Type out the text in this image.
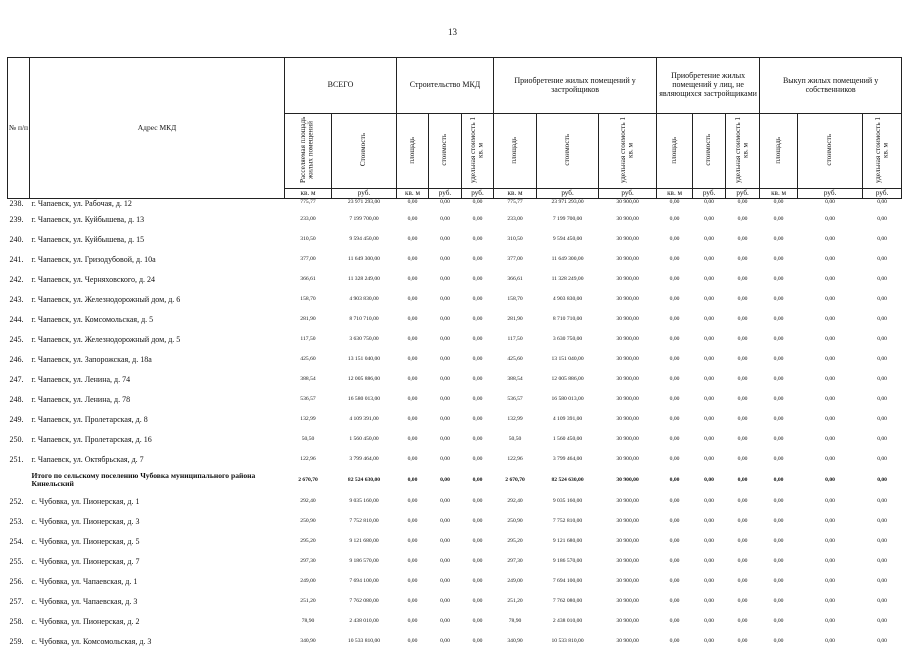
13
№ п/п	Адрес МКД	ВСЕГО		Строительство МКД			Приобретение жилых помещений у застройщиков			Приобретение жилых помещений у лиц, не являющихся застройщиками			Выкуп жилых помещений у собственников		
		Расселяемая площадь жилых помещений	Стоимость	площадь	стоимость	удельная стоимость 1 кв. м	площадь	стоимость	удельная стоимость 1 кв. м	площадь	стоимость	удельная стоимость 1 кв. м	площадь	стоимость	удельная стоимость 1 кв. м
		кв. м	руб.	кв. м	руб.	руб.	кв. м	руб.	руб.	кв. м	руб.	руб.	кв. м	руб.	руб.
238.	г. Чапаевск, ул. Рабочая, д. 12	775,77	23 971 293,00	0,00	0,00	0,00	775,77	23 971 293,00	30 900,00	0,00	0,00	0,00	0,00	0,00	0,00
239.	г. Чапаевск, ул. Куйбышева, д. 13	233,00	7 199 700,00	0,00	0,00	0,00	233,00	7 199 700,00	30 900,00	0,00	0,00	0,00	0,00	0,00	0,00
240.	г. Чапаевск, ул. Куйбышева, д. 15	310,50	9 594 450,00	0,00	0,00	0,00	310,50	9 594 450,00	30 900,00	0,00	0,00	0,00	0,00	0,00	0,00
241.	г. Чапаевск, ул. Гризодубовой, д. 10а	377,00	11 649 300,00	0,00	0,00	0,00	377,00	11 649 300,00	30 900,00	0,00	0,00	0,00	0,00	0,00	0,00
242.	г. Чапаевск, ул. Черняховского, д. 24	366,61	11 328 249,00	0,00	0,00	0,00	366,61	11 328 249,00	30 900,00	0,00	0,00	0,00	0,00	0,00	0,00
243.	г. Чапаевск, ул. Железнодорожный дом, д. 6	158,70	4 903 830,00	0,00	0,00	0,00	158,70	4 903 830,00	30 900,00	0,00	0,00	0,00	0,00	0,00	0,00
244.	г. Чапаевск, ул. Комсомольская, д. 5	281,90	8 710 710,00	0,00	0,00	0,00	281,90	8 710 710,00	30 900,00	0,00	0,00	0,00	0,00	0,00	0,00
245.	г. Чапаевск, ул. Железнодорожный дом, д. 5	117,50	3 630 750,00	0,00	0,00	0,00	117,50	3 630 750,00	30 900,00	0,00	0,00	0,00	0,00	0,00	0,00
246.	г. Чапаевск, ул. Запорожская, д. 18а	425,60	13 151 040,00	0,00	0,00	0,00	425,60	13 151 040,00	30 900,00	0,00	0,00	0,00	0,00	0,00	0,00
247.	г. Чапаевск, ул. Ленина, д. 74	388,54	12 005 886,00	0,00	0,00	0,00	388,54	12 005 886,00	30 900,00	0,00	0,00	0,00	0,00	0,00	0,00
248.	г. Чапаевск, ул. Ленина, д. 78	536,57	16 580 013,00	0,00	0,00	0,00	536,57	16 580 013,00	30 900,00	0,00	0,00	0,00	0,00	0,00	0,00
249.	г. Чапаевск, ул. Пролетарская, д. 8	132,99	4 109 391,00	0,00	0,00	0,00	132,99	4 109 391,00	30 900,00	0,00	0,00	0,00	0,00	0,00	0,00
250.	г. Чапаевск, ул. Пролетарская, д. 16	50,50	1 560 450,00	0,00	0,00	0,00	50,50	1 560 450,00	30 900,00	0,00	0,00	0,00	0,00	0,00	0,00
251.	г. Чапаевск, ул. Октябрьская, д. 7	122,96	3 799 464,00	0,00	0,00	0,00	122,96	3 799 464,00	30 900,00	0,00	0,00	0,00	0,00	0,00	0,00
	Итого по сельскому поселению Чубовка муниципального района Кинельский	2 670,70	82 524 630,00	0,00	0,00	0,00	2 670,70	82 524 630,00	30 900,00	0,00	0,00	0,00	0,00	0,00	0,00
252.	с. Чубовка, ул. Пионерская, д. 1	292,40	9 035 160,00	0,00	0,00	0,00	292,40	9 035 160,00	30 900,00	0,00	0,00	0,00	0,00	0,00	0,00
253.	с. Чубовка, ул. Пионерская, д. 3	250,90	7 752 810,00	0,00	0,00	0,00	250,90	7 752 810,00	30 900,00	0,00	0,00	0,00	0,00	0,00	0,00
254.	с. Чубовка, ул. Пионерская, д. 5	295,20	9 121 680,00	0,00	0,00	0,00	295,20	9 121 680,00	30 900,00	0,00	0,00	0,00	0,00	0,00	0,00
255.	с. Чубовка, ул. Пионерская, д. 7	297,30	9 186 570,00	0,00	0,00	0,00	297,30	9 186 570,00	30 900,00	0,00	0,00	0,00	0,00	0,00	0,00
256.	с. Чубовка, ул. Чапаевская, д. 1	249,00	7 694 100,00	0,00	0,00	0,00	249,00	7 694 100,00	30 900,00	0,00	0,00	0,00	0,00	0,00	0,00
257.	с. Чубовка, ул. Чапаевская, д. 3	251,20	7 762 080,00	0,00	0,00	0,00	251,20	7 762 080,00	30 900,00	0,00	0,00	0,00	0,00	0,00	0,00
258.	с. Чубовка, ул. Пионерская, д. 2	78,90	2 438 010,00	0,00	0,00	0,00	78,90	2 438 010,00	30 900,00	0,00	0,00	0,00	0,00	0,00	0,00
259.	с. Чубовка, ул. Комсомольская, д. 3	340,90	10 533 810,00	0,00	0,00	0,00	340,90	10 533 810,00	30 900,00	0,00	0,00	0,00	0,00	0,00	0,00
